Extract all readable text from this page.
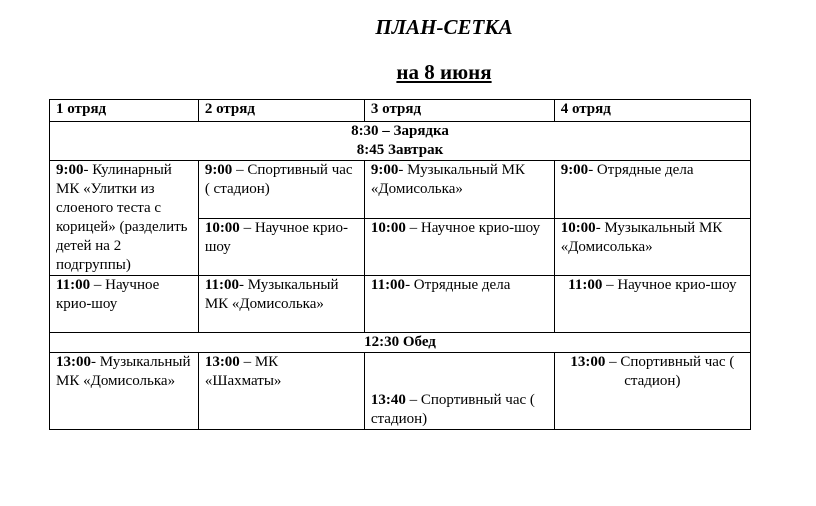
ПЛАН-СЕТКА
на 8 июня
1 отряд	2 отряд	3 отряд	4 отряд

8:30 – Зарядка
8:45 Завтрак			

9:00- Кулинарный МК «Улитки из слоеного теста с корицей» (разделить детей на 2 подгруппы)	9:00 – Спортивный час ( стадион)	9:00- Музыкальный МК «Домисолька»	9:00- Отрядные дела
	10:00 – Научное крио-шоу	10:00 – Научное крио-шоу	10:00- Музыкальный МК «Домисолька»
11:00 – Научное крио-шоу	11:00- Музыкальный МК «Домисолька»	11:00- Отрядные дела	11:00 – Научное крио-шоу
12:30 Обед			
13:00- Музыкальный МК «Домисолька»	13:00 – МК «Шахматы»	13:40 – Спортивный час ( стадион)	13:00 – Спортивный час ( стадион)
